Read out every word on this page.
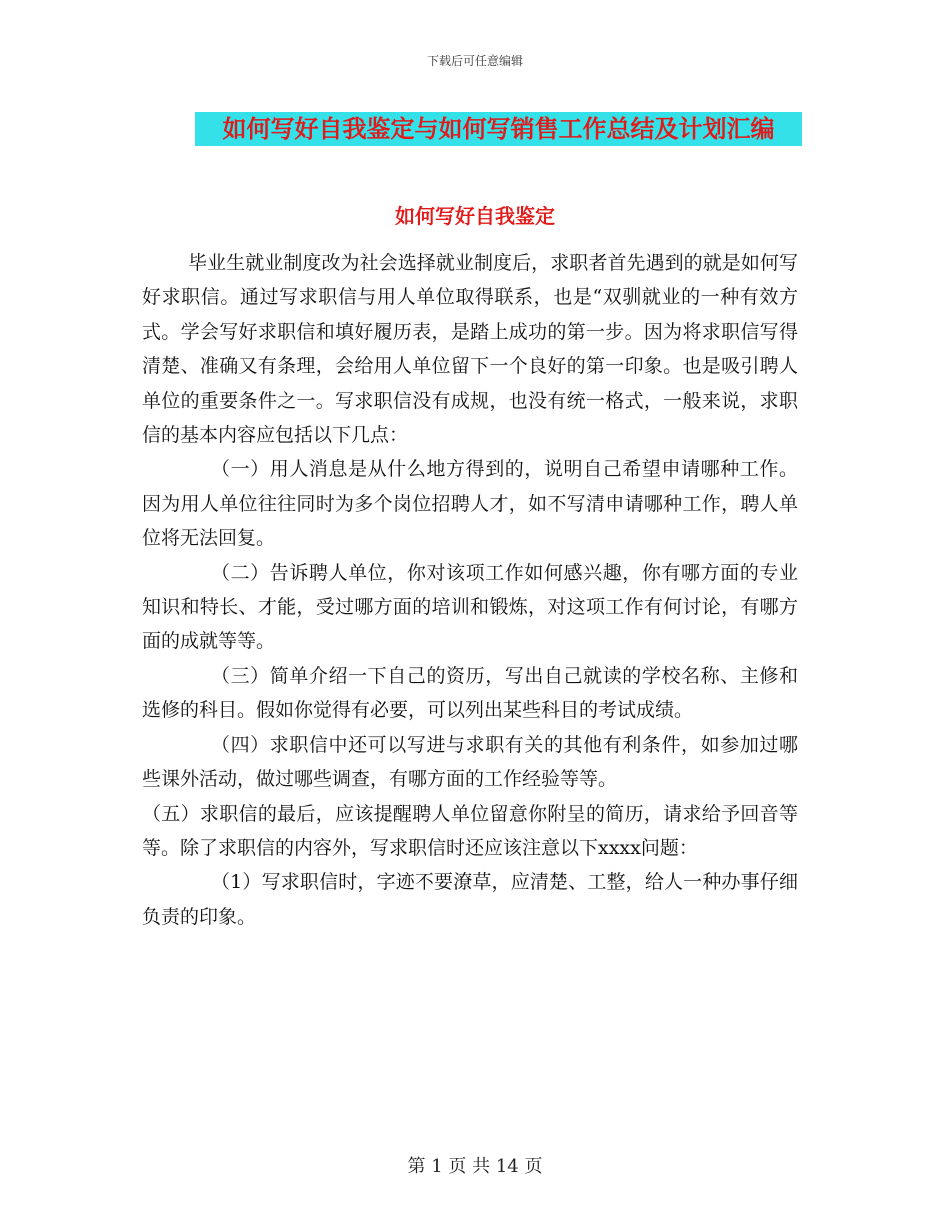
下载后可任意编辑
如何写好自我鉴定与如何写销售工作总结及计划汇编
如何写好自我鉴定

毕业生就业制度改为社会选择就业制度后，求职者首先遇到的就是如何写好求职信。通过写求职信与用人单位取得联系，也是“双驯就业的一种有效方式。学会写好求职信和填好履历表，是踏上成功的第一步。因为将求职信写得清楚、准确又有条理，会给用人单位留下一个良好的第一印象。也是吸引聘人单位的重要条件之一。写求职信没有成规，也没有统一格式，一般来说，求职信的基本内容应包括以下几点：

（一）用人消息是从什么地方得到的，说明自己希望申请哪种工作。因为用人单位往往同时为多个岗位招聘人才，如不写清申请哪种工作，聘人单位将无法回复。

（二）告诉聘人单位，你对该项工作如何感兴趣，你有哪方面的专业知识和特长、才能，受过哪方面的培训和锻炼，对这项工作有何讨论，有哪方面的成就等等。

（三）简单介绍一下自己的资历，写出自己就读的学校名称、主修和选修的科目。假如你觉得有必要，可以列出某些科目的考试成绩。

（四）求职信中还可以写进与求职有关的其他有利条件，如参加过哪些课外活动，做过哪些调查，有哪方面的工作经验等等。

（五）求职信的最后，应该提醒聘人单位留意你附呈的简历，请求给予回音等等。除了求职信的内容外，写求职信时还应该注意以下xxxx问题：

（1）写求职信时，字迹不要潦草，应清楚、工整，给人一种办事仔细负责的印象。

第 1 页 共 14 页
